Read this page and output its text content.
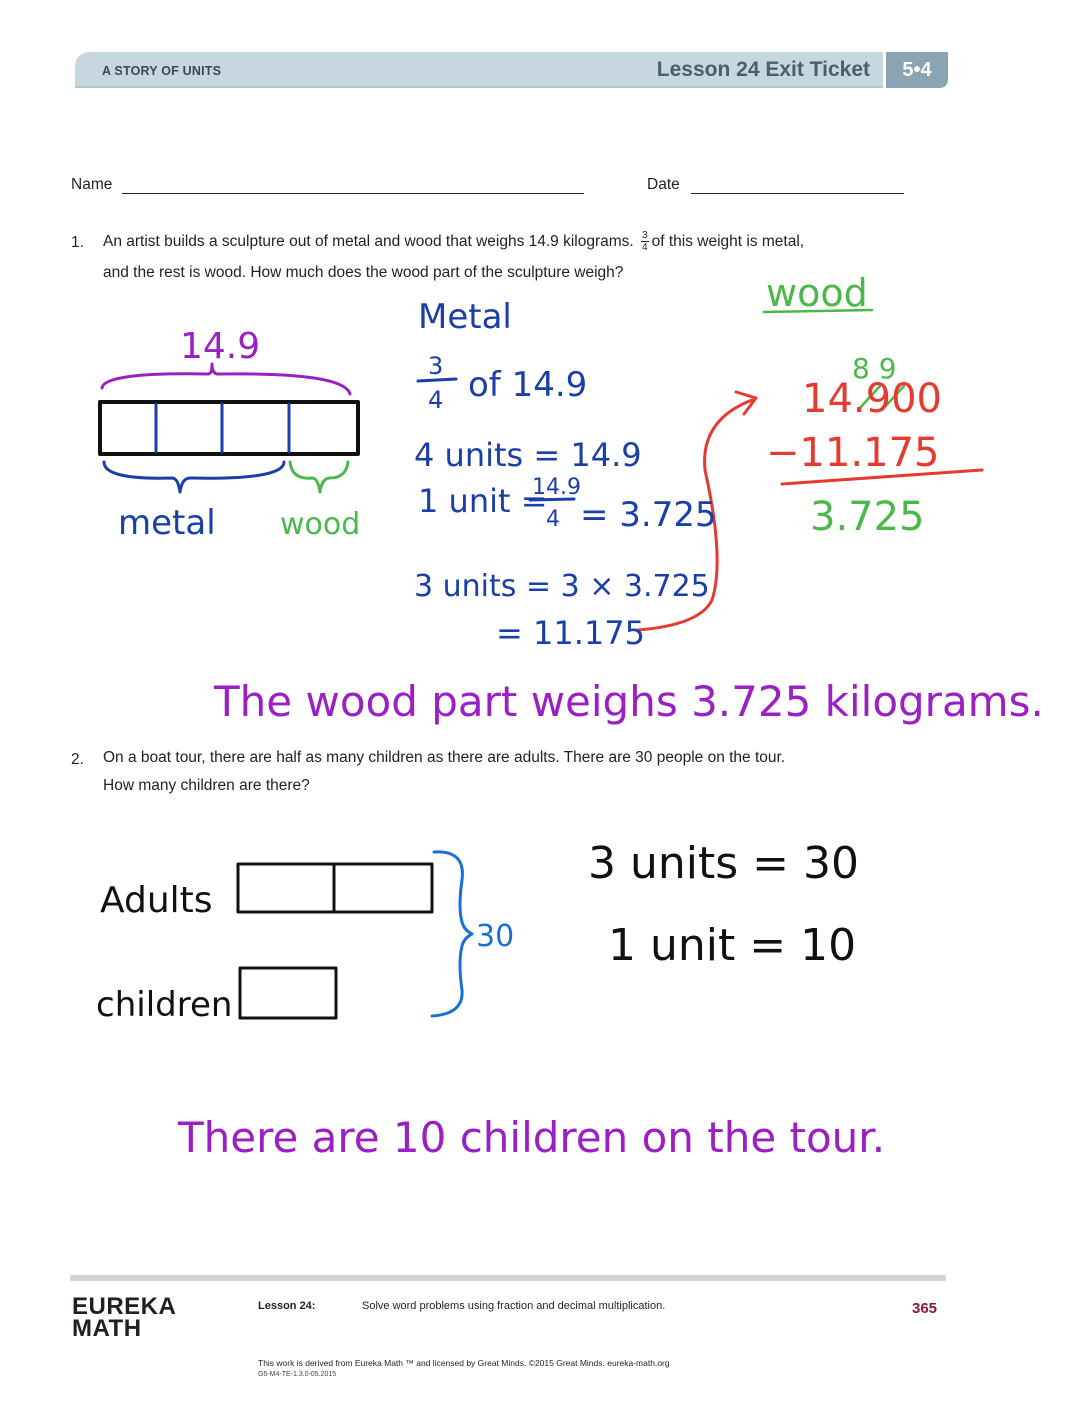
A STORY OF UNITS	Lesson 24 Exit Ticket	5•4
Name	Date
1. An artist builds a sculpture out of metal and wood that weighs 14.9 kilograms. $\frac{3}{4}$ of this weight is metal,
and the rest is wood. How much does the wood part of the sculpture weigh?
2. On a boat tour, there are half as many children as there are adults. There are 30 people on the tour.
How many children are there?
14.9
metal wood
Metal
3
4 of 14.9
4 units = 14.9
1 unit =
14.9
4 = 3.725
3 units = 3 × 3.725
= 11.175
wood
8 9
14.900
−11.175
3.725
The wood part weighs 3.725 kilograms.
Adults
children
30
3 units = 30
1 unit = 10
There are 10 children on the tour.
EUREKA
MATH
Lesson 24:	Solve word problems using fraction and decimal multiplication.	365
This work is derived from Eureka Math ™ and licensed by Great Minds. ©2015 Great Minds. eureka-math.org
G5-M4-TE-1.3.0-05.2015
